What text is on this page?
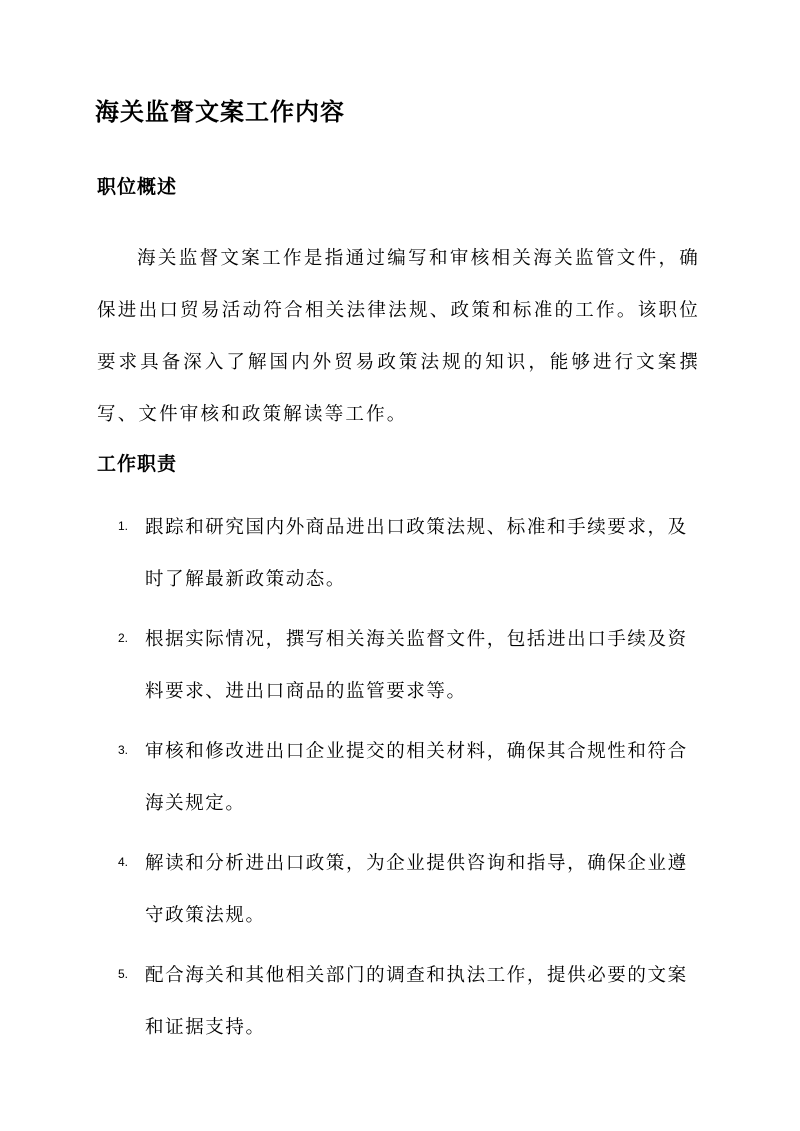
海关监督文案工作内容
职位概述

海关监督文案工作是指通过编写和审核相关海关监管文件，确保进出口贸易活动符合相关法律法规、政策和标准的工作。该职位要求具备深入了解国内外贸易政策法规的知识，能够进行文案撰写、文件审核和政策解读等工作。

工作职责
1. 跟踪和研究国内外商品进出口政策法规、标准和手续要求，及时了解最新政策动态。

2. 根据实际情况，撰写相关海关监督文件，包括进出口手续及资料要求、进出口商品的监管要求等。

3. 审核和修改进出口企业提交的相关材料，确保其合规性和符合海关规定。

4. 解读和分析进出口政策，为企业提供咨询和指导，确保企业遵守政策法规。

5. 配合海关和其他相关部门的调查和执法工作，提供必要的文案和证据支持。
